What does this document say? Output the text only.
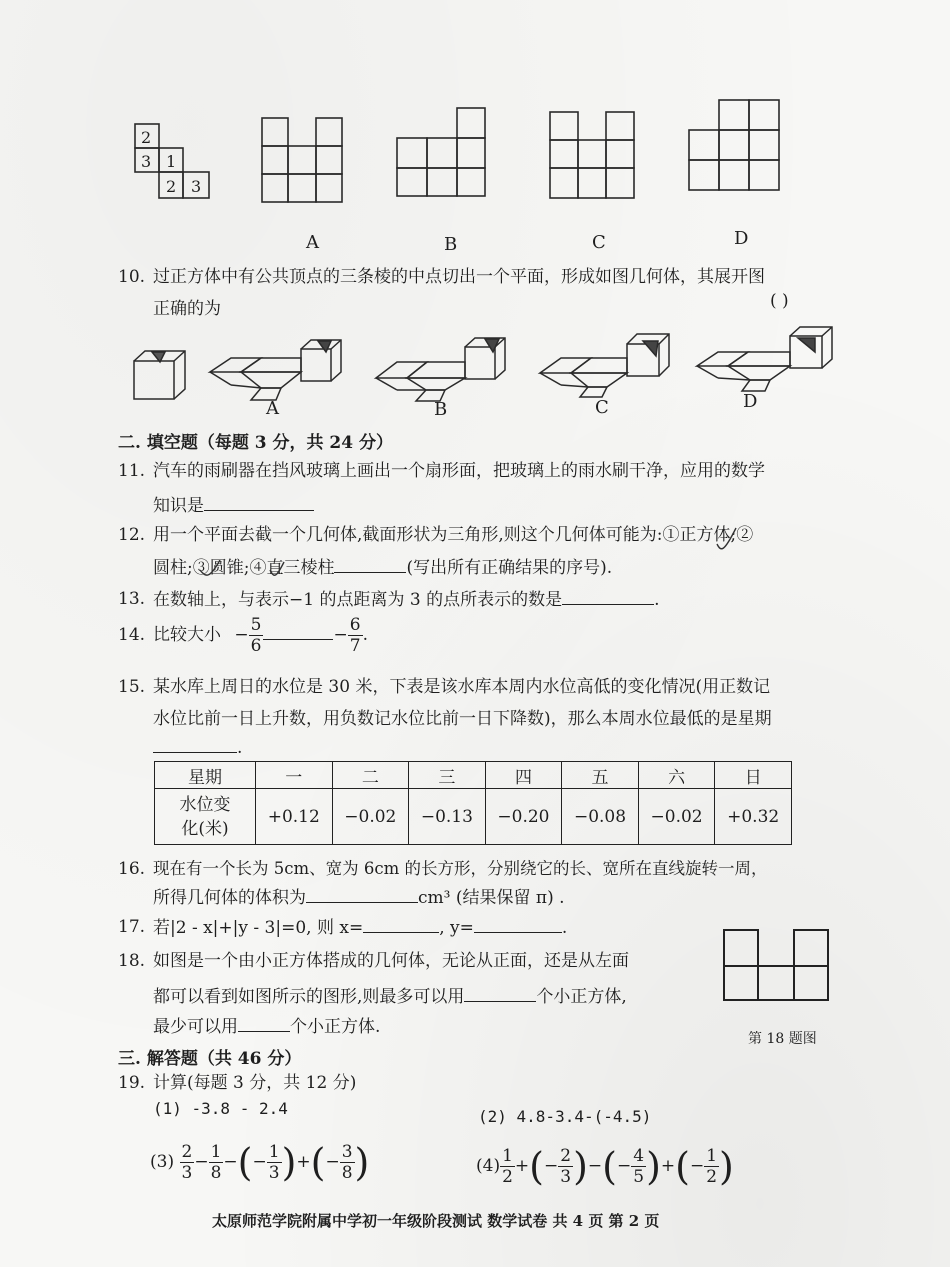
2
3 1
2 3
A	B	C	D
10. 过正方体中有公共顶点的三条棱的中点切出一个平面，形成如图几何体，其展开图
正确的为	( )
A	B	C	D
二. 填空题（每题 3 分，共 24 分）
11. 汽车的雨刷器在挡风玻璃上画出一个扇形面，把玻璃上的雨水刷干净，应用的数学
知识是
12. 用一个平面去截一个几何体,截面形状为三角形,则这个几何体可能为:①正方体;②
圆柱;③圆锥;④直三棱柱	(写出所有正确结果的序号).
13. 在数轴上，与表示−1 的点距离为 3 的点所表示的数是	.
14. 比较大小 − $\frac{5}{6}$	− $\frac{6}{7}$ .
15. 某水库上周日的水位是 30 米，下表是该水库本周内水位高低的变化情况(用正数记
水位比前一日上升数，用负数记水位比前一日下降数)，那么本周水位最低的是星期
.
星期	一	二	三	四	五	六	日

水位变
化(米)	+0.12	−0.02	−0.13	−0.20	−0.08	−0.02	+0.32
16. 现在有一个长为 5cm、宽为 6cm 的长方形，分别绕它的长、宽所在直线旋转一周，
所得几何体的体积为	cm³ (结果保留 π) .
17. 若|2 - x|+|y - 3|=0, 则 x=	, y=	.
18. 如图是一个由小正方体搭成的几何体，无论从正面，还是从左面
都可以看到如图所示的图形,则最多可以用	个小正方体,
最少可以用	个小正方体.
第 18 题图
三. 解答题（共 46 分）
19. 计算(每题 3 分，共 12 分)
(1) -3.8 - 2.4	(2) 4.8-3.4-(-4.5)
$(3) \frac{2}{3} - \frac{1}{8}$ −(− $\frac{1}{3}$ )+(− $\frac{3}{8}$ )	$(4) \frac{1}{2}$ +(− $\frac{2}{3}$ )−(− $\frac{4}{5}$ )+(− $\frac{1}{2}$ )
太原师范学院附属中学初一年级阶段测试 数学试卷 共 4 页 第 2 页
